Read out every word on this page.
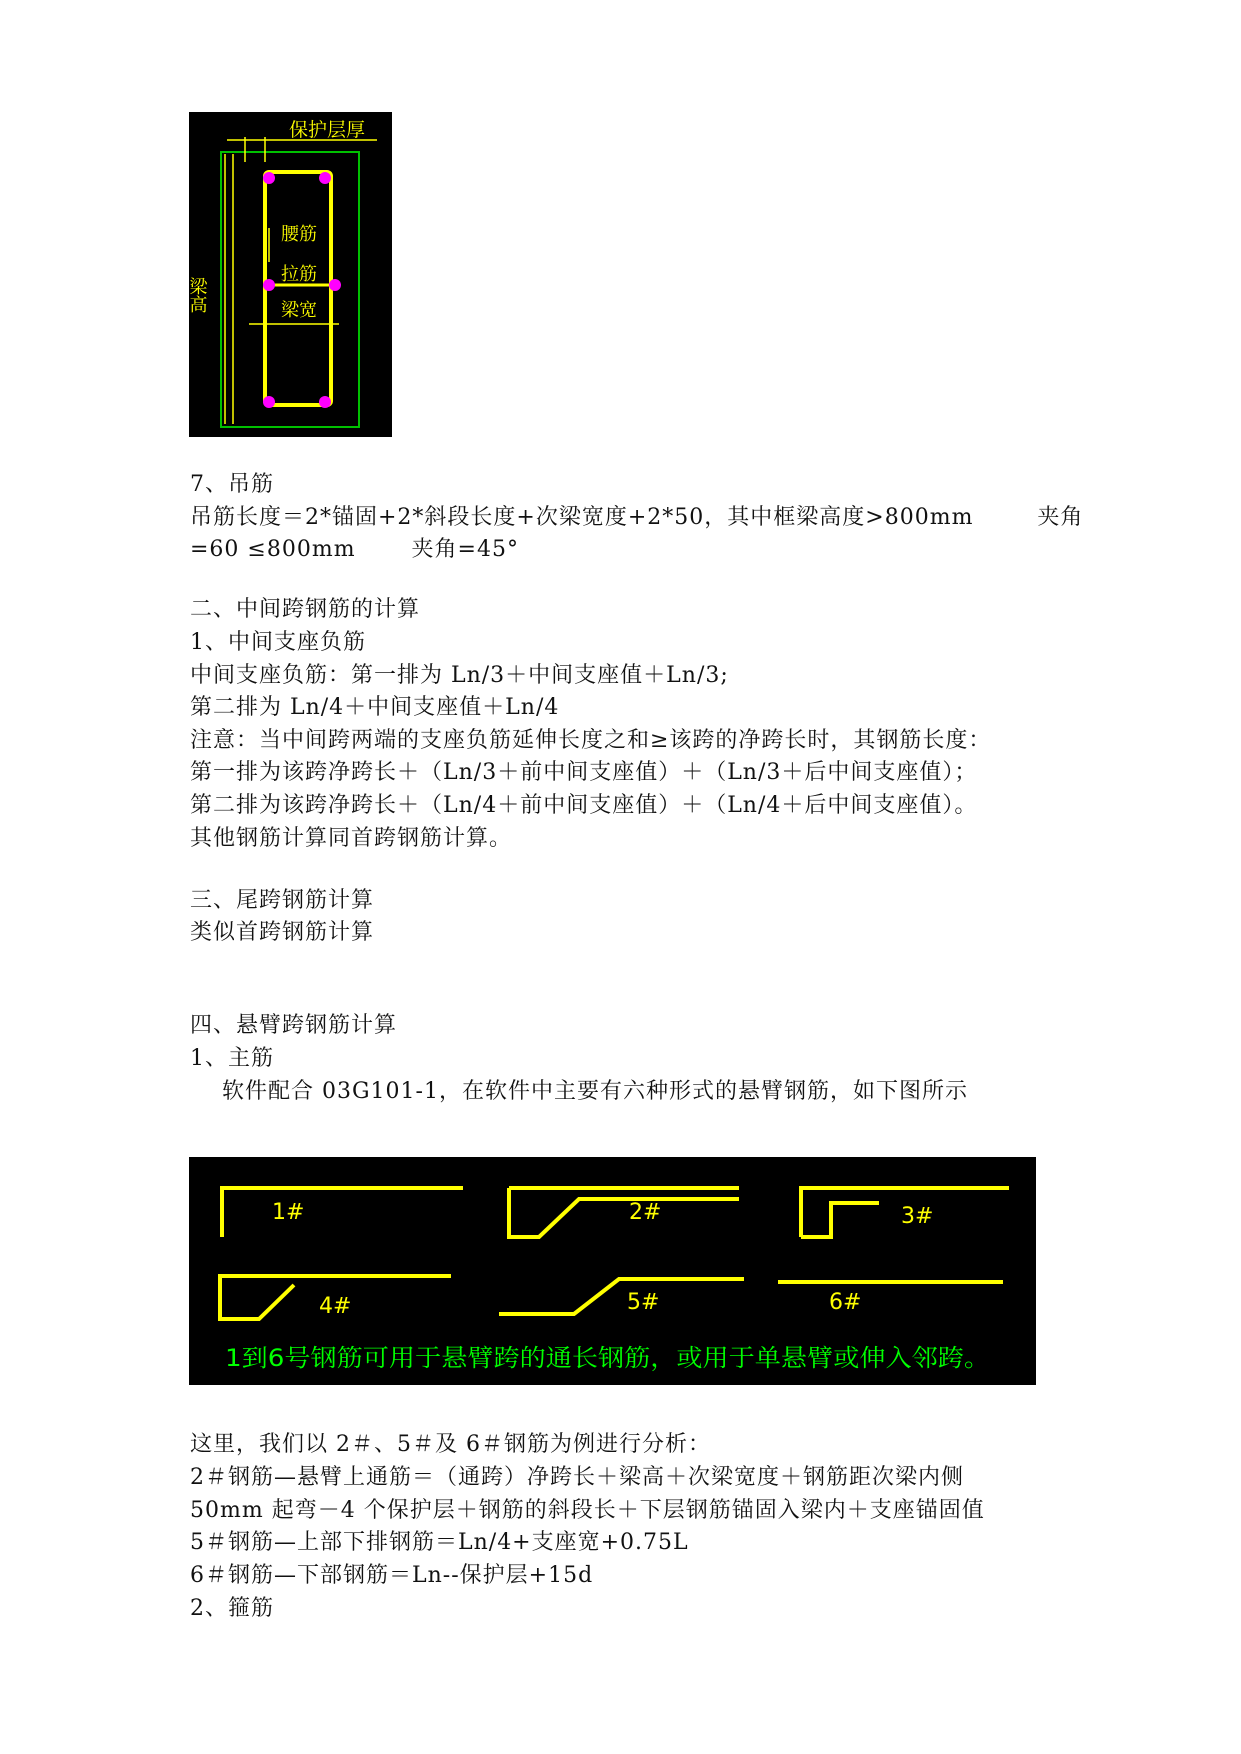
保护层厚
腰筋
拉筋
梁宽
梁高
7、吊筋
吊筋长度＝2*锚固+2*斜段长度+次梁宽度+2*50，其中框梁高度>800mm        夹角
=60 ≤800mm       夹角=45°
二、中间跨钢筋的计算
1、中间支座负筋
中间支座负筋：第一排为 Ln/3＋中间支座值＋Ln/3;
第二排为 Ln/4＋中间支座值＋Ln/4
注意：当中间跨两端的支座负筋延伸长度之和≥该跨的净跨长时，其钢筋长度：
第一排为该跨净跨长＋（Ln/3＋前中间支座值）＋（Ln/3＋后中间支座值）；
第二排为该跨净跨长＋（Ln/4＋前中间支座值）＋（Ln/4＋后中间支座值）。
其他钢筋计算同首跨钢筋计算。
三、尾跨钢筋计算
类似首跨钢筋计算
四、悬臂跨钢筋计算
1、主筋
软件配合 03G101-1，在软件中主要有六种形式的悬臂钢筋，如下图所示
1#	2#	3#
4#	5#	6#
1到6号钢筋可用于悬臂跨的通长钢筋，或用于单悬臂或伸入邻跨。
这里，我们以 2＃、5＃及 6＃钢筋为例进行分析：
2＃钢筋—悬臂上通筋＝（通跨）净跨长＋梁高＋次梁宽度＋钢筋距次梁内侧
50mm 起弯－4 个保护层＋钢筋的斜段长＋下层钢筋锚固入梁内＋支座锚固值
5＃钢筋—上部下排钢筋＝Ln/4+支座宽+0.75L
6＃钢筋—下部钢筋＝Ln--保护层+15d
2、箍筋
